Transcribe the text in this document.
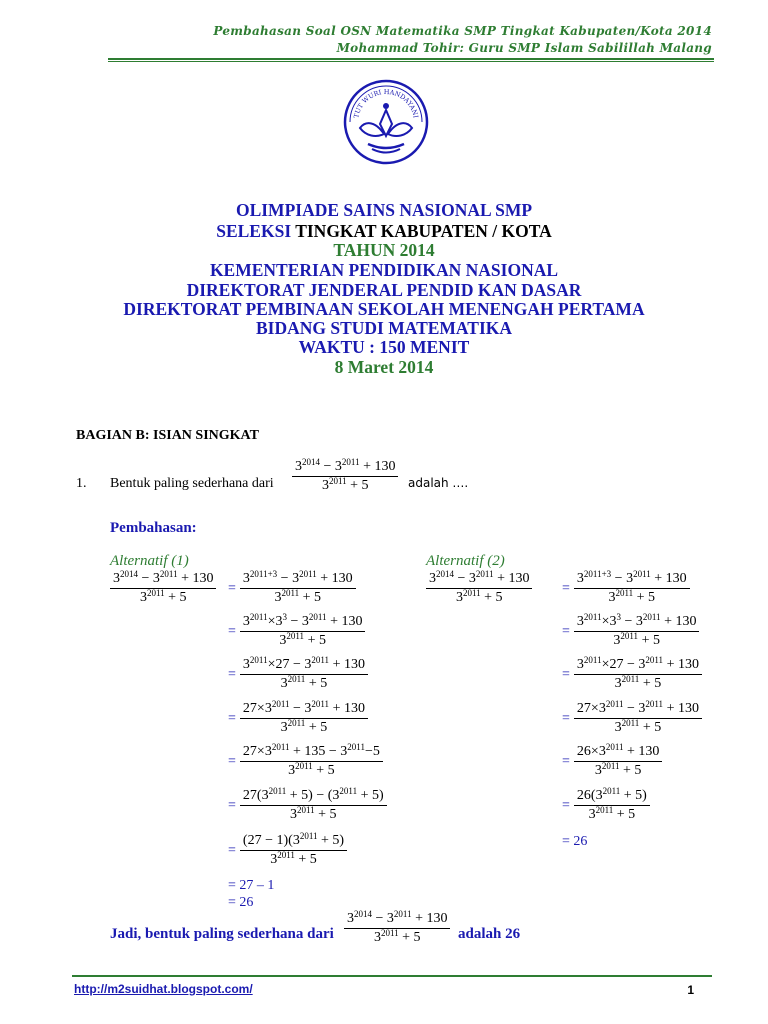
Pembahasan Soal OSN Matematika SMP Tingkat Kabupaten/Kota 2014
Mohammad Tohir: Guru SMP Islam Sabilillah Malang
TUT WURI HANDAYANI
OLIMPIADE SAINS NASIONAL SMP
SELEKSI TINGKAT KABUPATEN / KOTA
TAHUN 2014
KEMENTERIAN PENDIDIKAN NASIONAL
DIREKTORAT JENDERAL PENDID KAN DASAR
DIREKTORAT PEMBINAAN SEKOLAH MENENGAH PERTAMA
BIDANG STUDI MATEMATIKA
WAKTU : 150 MENIT
8 Maret 2014
BAGIAN B: ISIAN SINGKAT
1. Bentuk paling sederhana dari $\frac{3^{2014} - 3^{2011} + 130}{3^{2011} + 5}$ adalah ….
Pembahasan:
Alternatif (1)	Alternatif (2)
$\frac{3^{2014} - 3^{2011} + 130}{3^{2011} + 5} = \frac{3^{2011+3} - 3^{2011} + 130}{3^{2011} + 5}$
= $\frac{3^{2011}\times 3^3 - 3^{2011} + 130}{3^{2011} + 5}$
= $\frac{3^{2011}\times 27 - 3^{2011} + 130}{3^{2011} + 5}$
= $\frac{27\times 3^{2011} - 3^{2011} + 130}{3^{2011} + 5}$
= $\frac{27\times 3^{2011} + 135 - 3^{2011}-5}{3^{2011} + 5}$
= $\frac{27(3^{2011} + 5) - (3^{2011} + 5)}{3^{2011} + 5}$
= $\frac{(27 - 1)(3^{2011} + 5)}{3^{2011} + 5}$
= 27 – 1
= 26
$\frac{3^{2014} - 3^{2011} + 130}{3^{2011} + 5} = \frac{3^{2011+3} - 3^{2011} + 130}{3^{2011} + 5}$
= $\frac{3^{2011}\times 3^3 - 3^{2011} + 130}{3^{2011} + 5}$
= $\frac{3^{2011}\times 27 - 3^{2011} + 130}{3^{2011} + 5}$
= $\frac{27\times 3^{2011} - 3^{2011} + 130}{3^{2011} + 5}$
= $\frac{26\times 3^{2011} + 130}{3^{2011} + 5}$
= $\frac{26(3^{2011} + 5)}{3^{2011} + 5}$
= 26
Jadi, bentuk paling sederhana dari $\frac{3^{2014} - 3^{2011} + 130}{3^{2011} + 5}$ adalah 26
http://m2suidhat.blogspot.com/	1
